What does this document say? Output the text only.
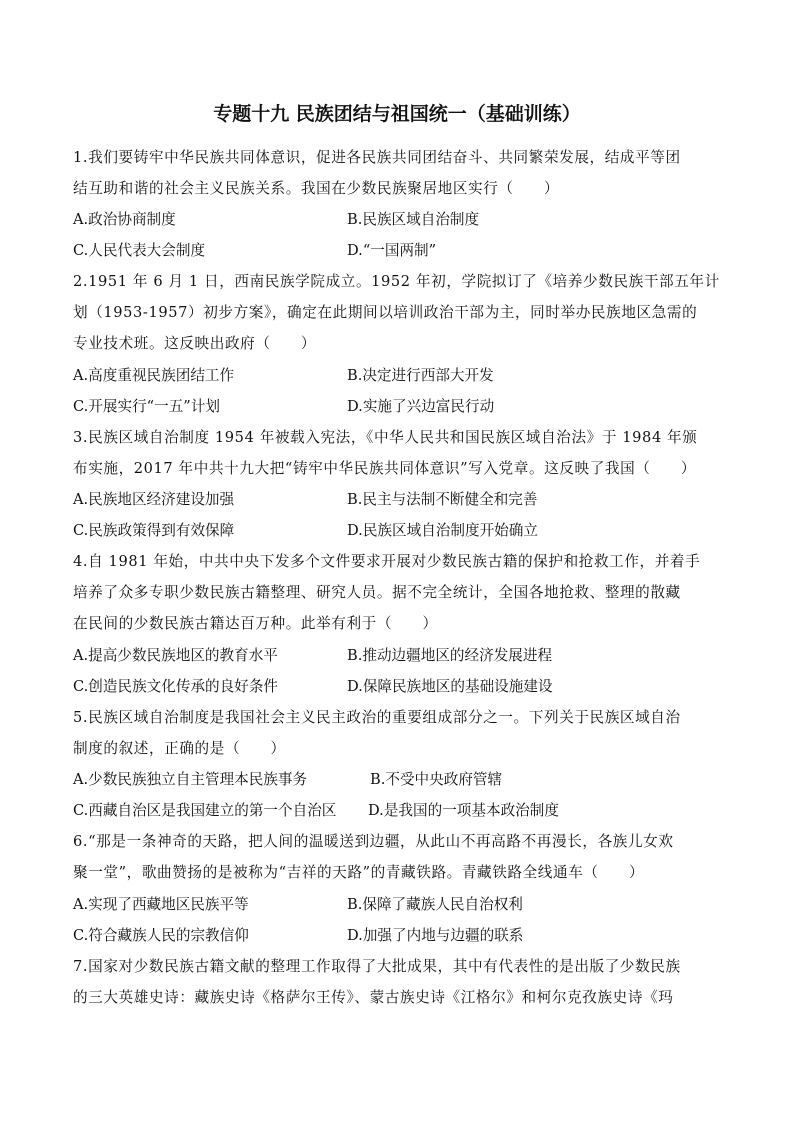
专题十九 民族团结与祖国统一（基础训练）
1.我们要铸牢中华民族共同体意识，促进各民族共同团结奋斗、共同繁荣发展，结成平等团
结互助和谐的社会主义民族关系。我国在少数民族聚居地区实行（　　）
A.政治协商制度	B.民族区域自治制度
C.人民代表大会制度	D.“一国两制”
2.1951 年 6 月 1 日，西南民族学院成立。1952 年初，学院拟订了《培养少数民族干部五年计
划（1953-1957）初步方案》，确定在此期间以培训政治干部为主，同时举办民族地区急需的
专业技术班。这反映出政府（　　）
A.高度重视民族团结工作	B.决定进行西部大开发
C.开展实行“一五”计划	D.实施了兴边富民行动
3.民族区域自治制度 1954 年被载入宪法，《中华人民共和国民族区域自治法》于 1984 年颁
布实施，2017 年中共十九大把“铸牢中华民族共同体意识”写入党章。这反映了我国（　　）
A.民族地区经济建设加强	B.民主与法制不断健全和完善
C.民族政策得到有效保障	D.民族区域自治制度开始确立
4.自 1981 年始，中共中央下发多个文件要求开展对少数民族古籍的保护和抢救工作，并着手
培养了众多专职少数民族古籍整理、研究人员。据不完全统计，全国各地抢救、整理的散藏
在民间的少数民族古籍达百万种。此举有利于（　　）
A.提高少数民族地区的教育水平	B.推动边疆地区的经济发展进程
C.创造民族文化传承的良好条件	D.保障民族地区的基础设施建设
5.民族区域自治制度是我国社会主义民主政治的重要组成部分之一。下列关于民族区域自治
制度的叙述，正确的是（　　）
A.少数民族独立自主管理本民族事务	B.不受中央政府管辖
C.西藏自治区是我国建立的第一个自治区 D.是我国的一项基本政治制度
6.“那是一条神奇的天路，把人间的温暖送到边疆，从此山不再高路不再漫长，各族儿女欢
聚一堂”，歌曲赞扬的是被称为“吉祥的天路”的青藏铁路。青藏铁路全线通车（　　）
A.实现了西藏地区民族平等	B.保障了藏族人民自治权利
C.符合藏族人民的宗教信仰	D.加强了内地与边疆的联系
7.国家对少数民族古籍文献的整理工作取得了大批成果，其中有代表性的是出版了少数民族
的三大英雄史诗：藏族史诗《格萨尔王传》、蒙古族史诗《江格尔》和柯尔克孜族史诗《玛
